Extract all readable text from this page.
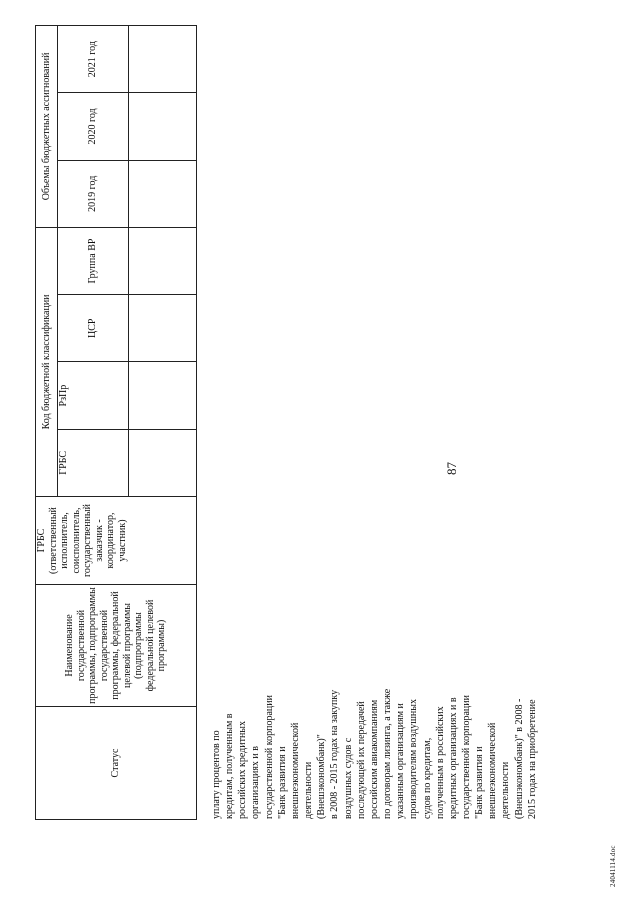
87
Статус	Наименование государственной программы, подпрограммы государственной программы, федеральной целевой программы (подпрограммы федеральной целевой программы)	ГРБС (ответственный исполнитель, соисполнитель, государственный заказчик - координатор, участник)	Код бюджетной классификации				Объемы бюджетных ассигнований		
			ГРБС	РзПр	ЦСР	Группа ВР	2019 год	2020 год	2021 год

уплату процентов по кредитам, полученным в российских кредитных организациях и в государственной корпорации "Банк развития и внешнеэкономической деятельности (Внешэкономбанк)" в 2008 - 2015 годах на закупку воздушных судов с последующей их передачей российским авиакомпаниям по договорам лизинга, а также указанным организациям и производителям воздушных судов по кредитам, полученным в российских кредитных организациях и в государственной корпорации "Банк развития и внешнеэкономической деятельности (Внешэкономбанк)" в 2008 - 2015 годах на приобретение
24041114.doc
